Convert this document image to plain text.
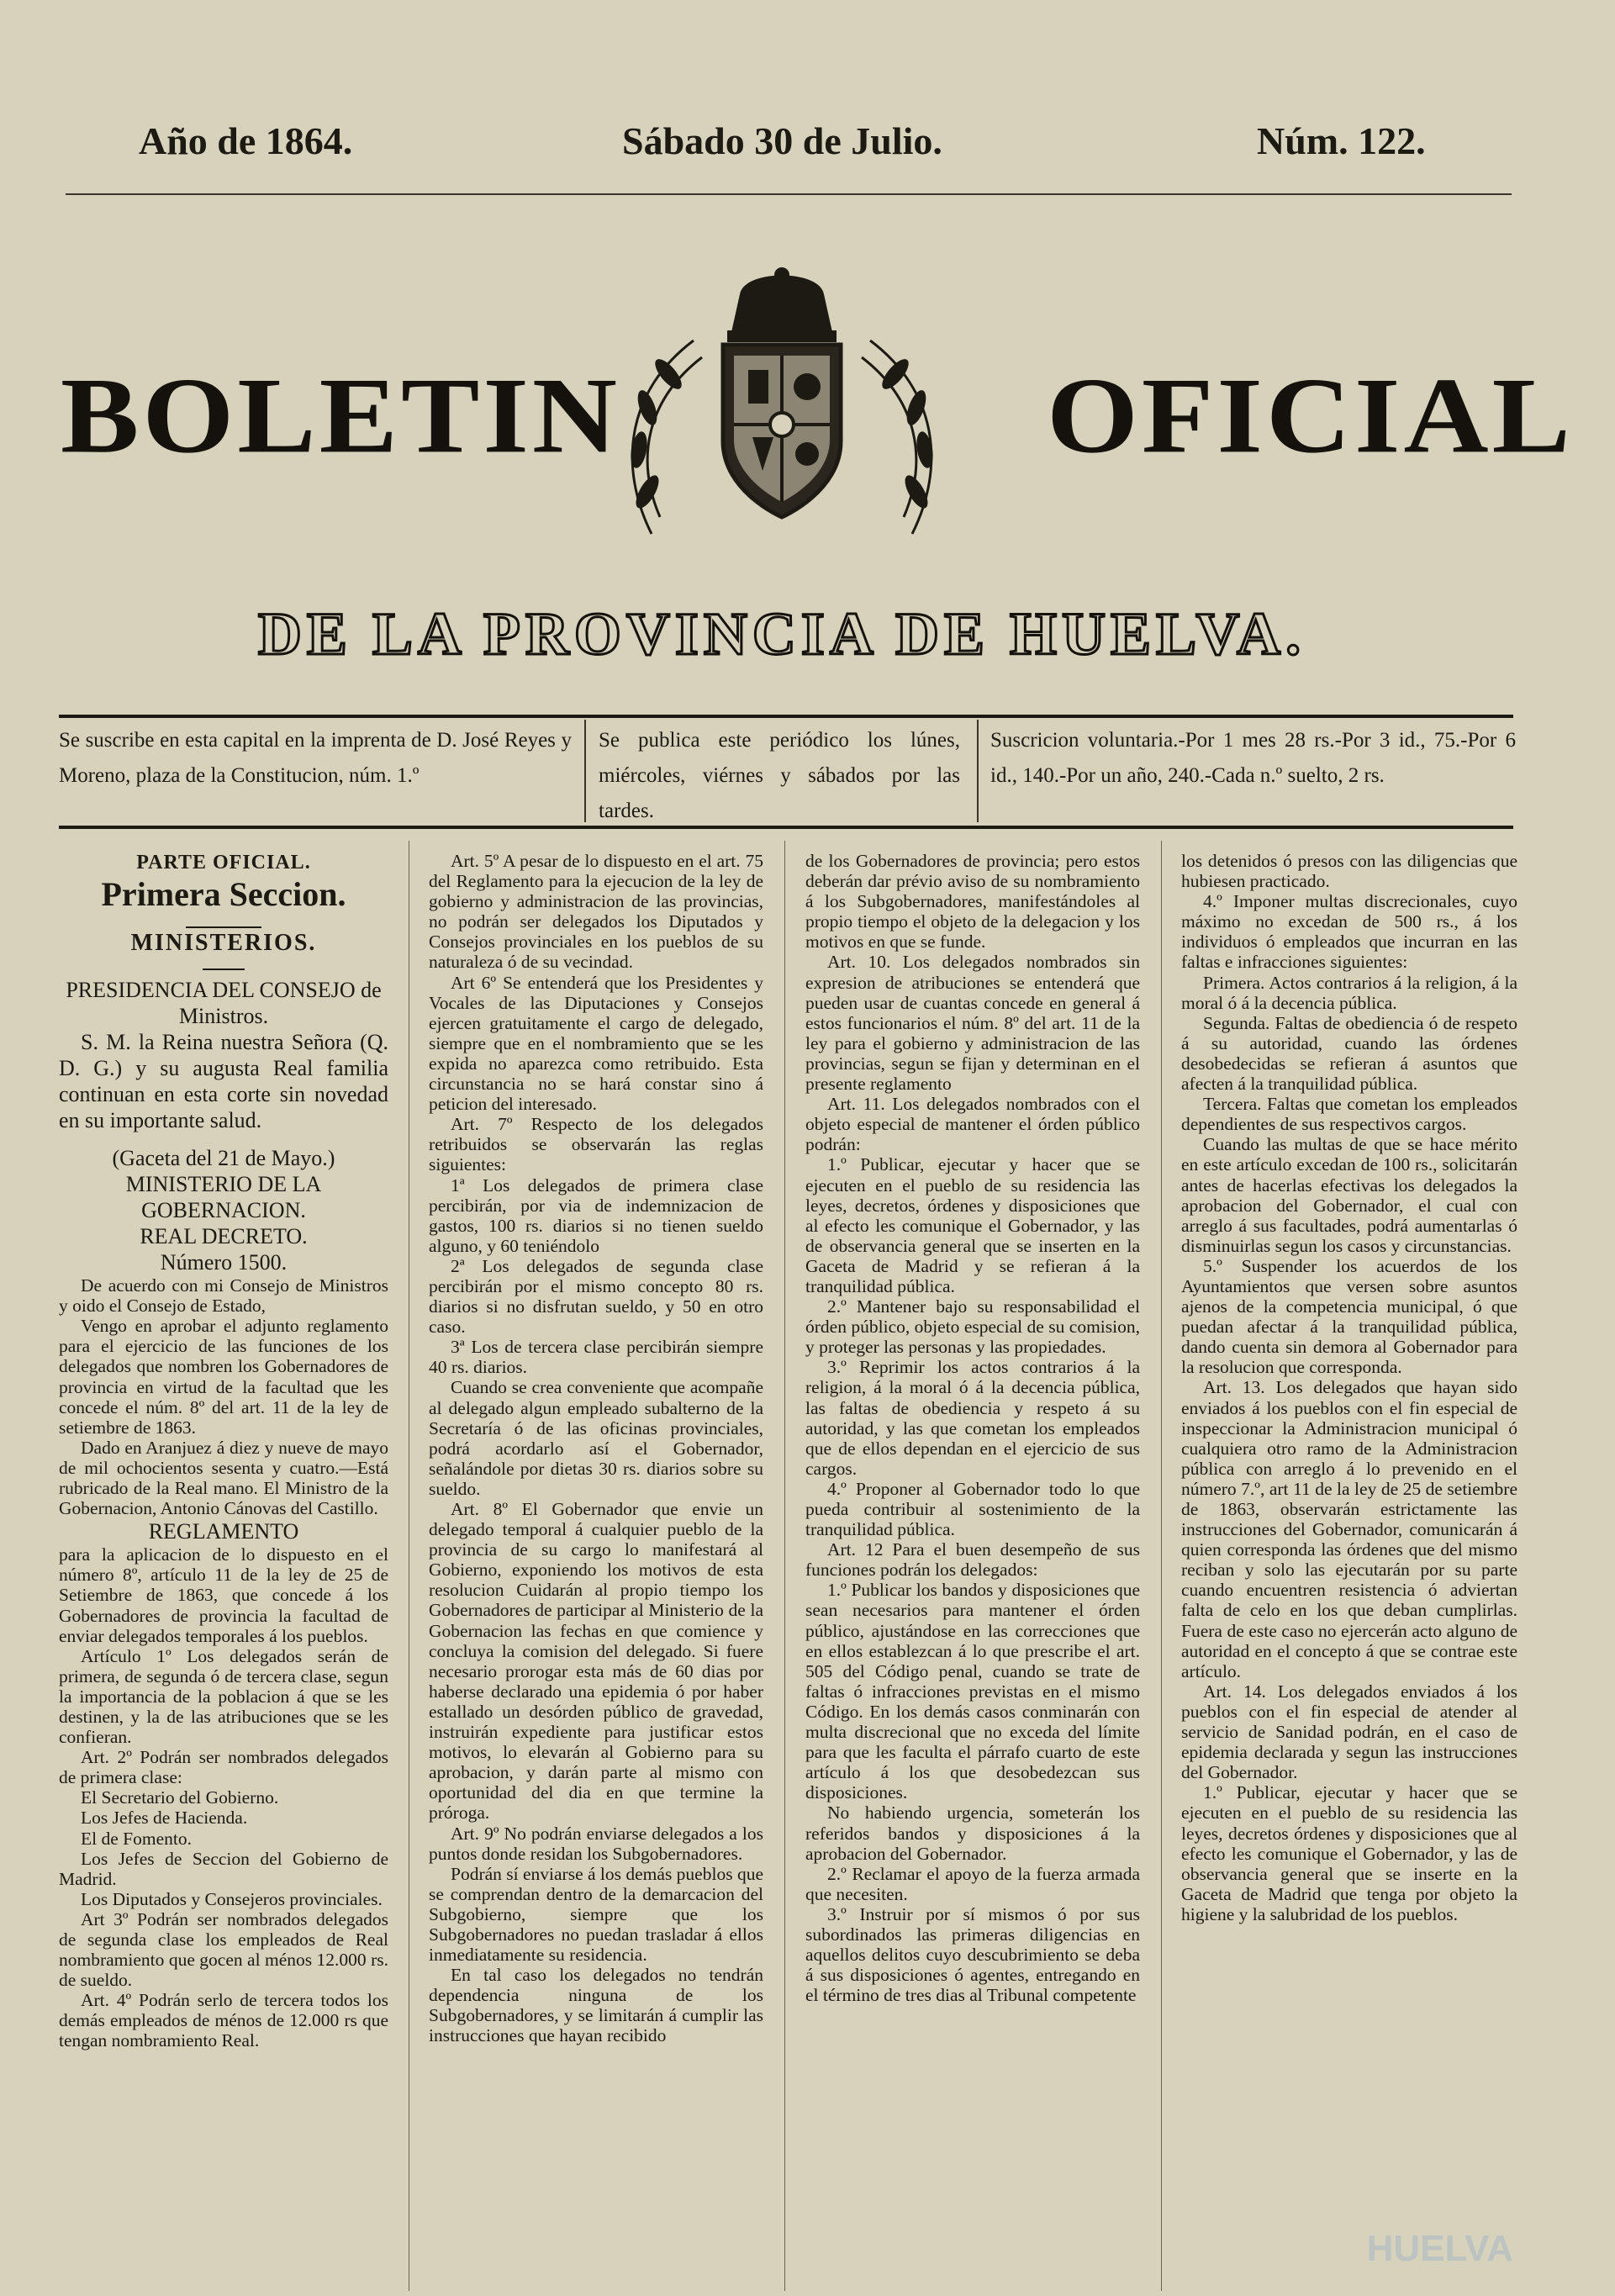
Año de 1864.	Sábado 30 de Julio.	Núm. 122.
BOLETIN	OFICIAL
DE LA PROVINCIA DE HUELVA.
Se suscribe en esta capital en la imprenta de D. José Reyes y Moreno, plaza de la Constitucion, núm. 1.º
Se publica este periódico los lúnes, miércoles, viérnes y sábados por las tardes.
Suscricion voluntaria.-Por 1 mes 28 rs.-Por 3 id., 75.-Por 6 id., 140.-Por un año, 240.-Cada n.º suelto, 2 rs.

PARTE OFICIAL.

Primera Seccion.

MINISTERIOS.

PRESIDENCIA DEL CONSEJO de Ministros.

S. M. la Reina nuestra Señora (Q. D. G.) y su augusta Real familia continuan en esta corte sin novedad en su importante salud.

(Gaceta del 21 de Mayo.)

MINISTERIO DE LA GOBERNACION.

REAL DECRETO.

Número 1500.

De acuerdo con mi Consejo de Ministros y oido el Consejo de Estado,

Vengo en aprobar el adjunto reglamento para el ejercicio de las funciones de los delegados que nombren los Gobernadores de provincia en virtud de la facultad que les concede el núm. 8º del art. 11 de la ley de setiembre de 1863.

Dado en Aranjuez á diez y nueve de mayo de mil ochocientos sesenta y cuatro.—Está rubricado de la Real mano. El Ministro de la Gobernacion, Antonio Cánovas del Castillo.

REGLAMENTO

para la aplicacion de lo dispuesto en el número 8º, artículo 11 de la ley de 25 de Setiembre de 1863, que concede á los Gobernadores de provincia la facultad de enviar delegados temporales á los pueblos.

Artículo 1º Los delegados serán de primera, de segunda ó de tercera clase, segun la importancia de la poblacion á que se les destinen, y la de las atribuciones que se les confieran.

Art. 2º Podrán ser nombrados delegados de primera clase:

El Secretario del Gobierno.

Los Jefes de Hacienda.

El de Fomento.

Los Jefes de Seccion del Gobierno de Madrid.

Los Diputados y Consejeros provinciales.

Art 3º Podrán ser nombrados delegados de segunda clase los empleados de Real nombramiento que gocen al ménos 12.000 rs. de sueldo.

Art. 4º Podrán serlo de tercera todos los demás empleados de ménos de 12.000 rs que tengan nombramiento Real.

Art. 5º A pesar de lo dispuesto en el art. 75 del Reglamento para la ejecucion de la ley de gobierno y administracion de las provincias, no podrán ser delegados los Diputados y Consejos provinciales en los pueblos de su naturaleza ó de su vecindad.

Art 6º Se entenderá que los Presidentes y Vocales de las Diputaciones y Consejos ejercen gratuitamente el cargo de delegado, siempre que en el nombramiento que se les expida no aparezca como retribuido. Esta circunstancia no se hará constar sino á peticion del interesado.

Art. 7º Respecto de los delegados retribuidos se observarán las reglas siguientes:

1ª Los delegados de primera clase percibirán, por via de indemnizacion de gastos, 100 rs. diarios si no tienen sueldo alguno, y 60 teniéndolo

2ª Los delegados de segunda clase percibirán por el mismo concepto 80 rs. diarios si no disfrutan sueldo, y 50 en otro caso.

3ª Los de tercera clase percibirán siempre 40 rs. diarios.

Cuando se crea conveniente que acompañe al delegado algun empleado subalterno de la Secretaría ó de las oficinas provinciales, podrá acordarlo así el Gobernador, señalándole por dietas 30 rs. diarios sobre su sueldo.

Art. 8º El Gobernador que envie un delegado temporal á cualquier pueblo de la provincia de su cargo lo manifestará al Gobierno, exponiendo los motivos de esta resolucion Cuidarán al propio tiempo los Gobernadores de participar al Ministerio de la Gobernacion las fechas en que comience y concluya la comision del delegado. Si fuere necesario prorogar esta más de 60 dias por haberse declarado una epidemia ó por haber estallado un desórden público de gravedad, instruirán expediente para justificar estos motivos, lo elevarán al Gobierno para su aprobacion, y darán parte al mismo con oportunidad del dia en que termine la próroga.

Art. 9º No podrán enviarse delegados a los puntos donde residan los Subgobernadores.

Podrán sí enviarse á los demás pueblos que se comprendan dentro de la demarcacion del Subgobierno, siempre que los Subgobernadores no puedan trasladar á ellos inmediatamente su residencia.

En tal caso los delegados no tendrán dependencia ninguna de los Subgobernadores, y se limitarán á cumplir las instrucciones que hayan recibido

de los Gobernadores de provincia; pero estos deberán dar prévio aviso de su nombramiento á los Subgobernadores, manifestándoles al propio tiempo el objeto de la delegacion y los motivos en que se funde.

Art. 10. Los delegados nombrados sin expresion de atribuciones se entenderá que pueden usar de cuantas concede en general á estos funcionarios el núm. 8º del art. 11 de la ley para el gobierno y administracion de las provincias, segun se fijan y determinan en el presente reglamento

Art. 11. Los delegados nombrados con el objeto especial de mantener el órden público podrán:

1.º Publicar, ejecutar y hacer que se ejecuten en el pueblo de su residencia las leyes, decretos, órdenes y disposiciones que al efecto les comunique el Gobernador, y las de observancia general que se inserten en la Gaceta de Madrid y se refieran á la tranquilidad pública.

2.º Mantener bajo su responsabilidad el órden público, objeto especial de su comision, y proteger las personas y las propiedades.

3.º Reprimir los actos contrarios á la religion, á la moral ó á la decencia pública, las faltas de obediencia y respeto á su autoridad, y las que cometan los empleados que de ellos dependan en el ejercicio de sus cargos.

4.º Proponer al Gobernador todo lo que pueda contribuir al sostenimiento de la tranquilidad pública.

Art. 12 Para el buen desempeño de sus funciones podrán los delegados:

1.º Publicar los bandos y disposiciones que sean necesarios para mantener el órden público, ajustándose en las correcciones que en ellos establezcan á lo que prescribe el art. 505 del Código penal, cuando se trate de faltas ó infracciones previstas en el mismo Código. En los demás casos conminarán con multa discrecional que no exceda del límite para que les faculta el párrafo cuarto de este artículo á los que desobedezcan sus disposiciones.

No habiendo urgencia, someterán los referidos bandos y disposiciones á la aprobacion del Gobernador.

2.º Reclamar el apoyo de la fuerza armada que necesiten.

3.º Instruir por sí mismos ó por sus subordinados las primeras diligencias en aquellos delitos cuyo descubrimiento se deba á sus disposiciones ó agentes, entregando en el término de tres dias al Tribunal competente

los detenidos ó presos con las diligencias que hubiesen practicado.

4.º Imponer multas discrecionales, cuyo máximo no excedan de 500 rs., á los individuos ó empleados que incurran en las faltas e infracciones siguientes:

Primera. Actos contrarios á la religion, á la moral ó á la decencia pública.

Segunda. Faltas de obediencia ó de respeto á su autoridad, cuando las órdenes desobedecidas se refieran á asuntos que afecten á la tranquilidad pública.

Tercera. Faltas que cometan los empleados dependientes de sus respectivos cargos.

Cuando las multas de que se hace mérito en este artículo excedan de 100 rs., solicitarán antes de hacerlas efectivas los delegados la aprobacion del Gobernador, el cual con arreglo á sus facultades, podrá aumentarlas ó disminuirlas segun los casos y circunstancias.

5.º Suspender los acuerdos de los Ayuntamientos que versen sobre asuntos ajenos de la competencia municipal, ó que puedan afectar á la tranquilidad pública, dando cuenta sin demora al Gobernador para la resolucion que corresponda.

Art. 13. Los delegados que hayan sido enviados á los pueblos con el fin especial de inspeccionar la Administracion municipal ó cualquiera otro ramo de la Administracion pública con arreglo á lo prevenido en el número 7.º, art 11 de la ley de 25 de setiembre de 1863, observarán estrictamente las instrucciones del Gobernador, comunicarán á quien corresponda las órdenes que del mismo reciban y solo las ejecutarán por su parte cuando encuentren resistencia ó adviertan falta de celo en los que deban cumplirlas. Fuera de este caso no ejercerán acto alguno de autoridad en el concepto á que se contrae este artículo.

Art. 14. Los delegados enviados á los pueblos con el fin especial de atender al servicio de Sanidad podrán, en el caso de epidemia declarada y segun las instrucciones del Gobernador.

1.º Publicar, ejecutar y hacer que se ejecuten en el pueblo de su residencia las leyes, decretos órdenes y disposiciones que al efecto les comunique el Gobernador, y las de observancia general que se inserte en la Gaceta de Madrid que tenga por objeto la higiene y la salubridad de los pueblos.

HUELVA
